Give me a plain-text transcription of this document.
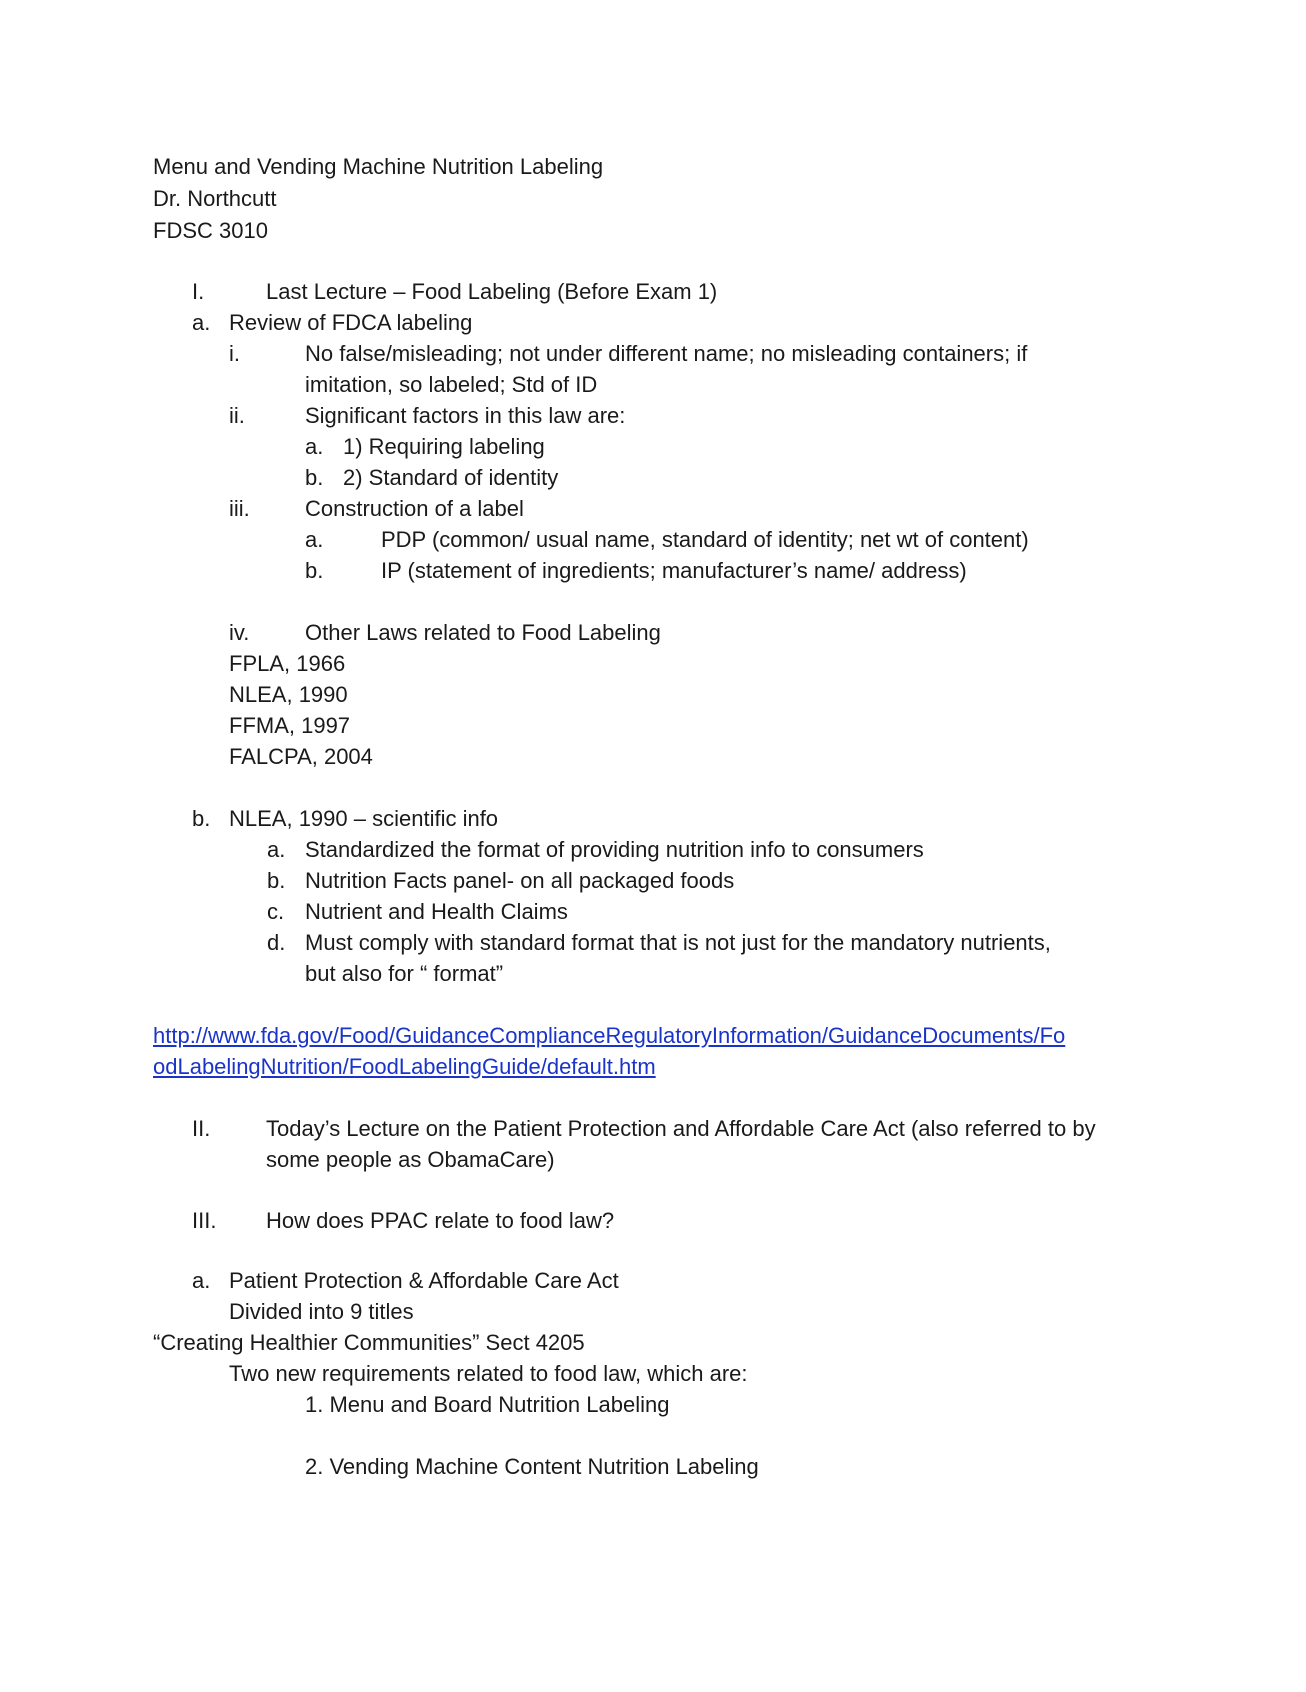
Menu and Vending Machine Nutrition Labeling
Dr. Northcutt
FDSC 3010
I.	Last Lecture – Food Labeling (Before Exam 1)
a. Review of FDCA labeling
i.	No false/misleading; not under different name; no misleading containers; if
imitation, so labeled; Std of ID
ii.	Significant factors in this law are:
a. 1) Requiring labeling
b. 2) Standard of identity
iii.	Construction of a label
a.	PDP (common/ usual name, standard of identity; net wt of content)
b.	IP (statement of ingredients; manufacturer’s name/ address)
iv.	Other Laws related to Food Labeling
FPLA, 1966
NLEA, 1990
FFMA, 1997
FALCPA, 2004
b. NLEA, 1990 – scientific info
a. Standardized the format of providing nutrition info to consumers
b. Nutrition Facts panel- on all packaged foods
c. Nutrient and Health Claims
d. Must comply with standard format that is not just for the mandatory nutrients,
but also for “ format”
http://www.fda.gov/Food/GuidanceComplianceRegulatoryInformation/GuidanceDocuments/Fo
odLabelingNutrition/FoodLabelingGuide/default.htm
II.	Today’s Lecture on the Patient Protection and Affordable Care Act (also referred to by
some people as ObamaCare)
III. How does PPAC relate to food law?
a. Patient Protection & Affordable Care Act
Divided into 9 titles
“Creating Healthier Communities” Sect 4205
Two new requirements related to food law, which are:
1. Menu and Board Nutrition Labeling
2. Vending Machine Content Nutrition Labeling
